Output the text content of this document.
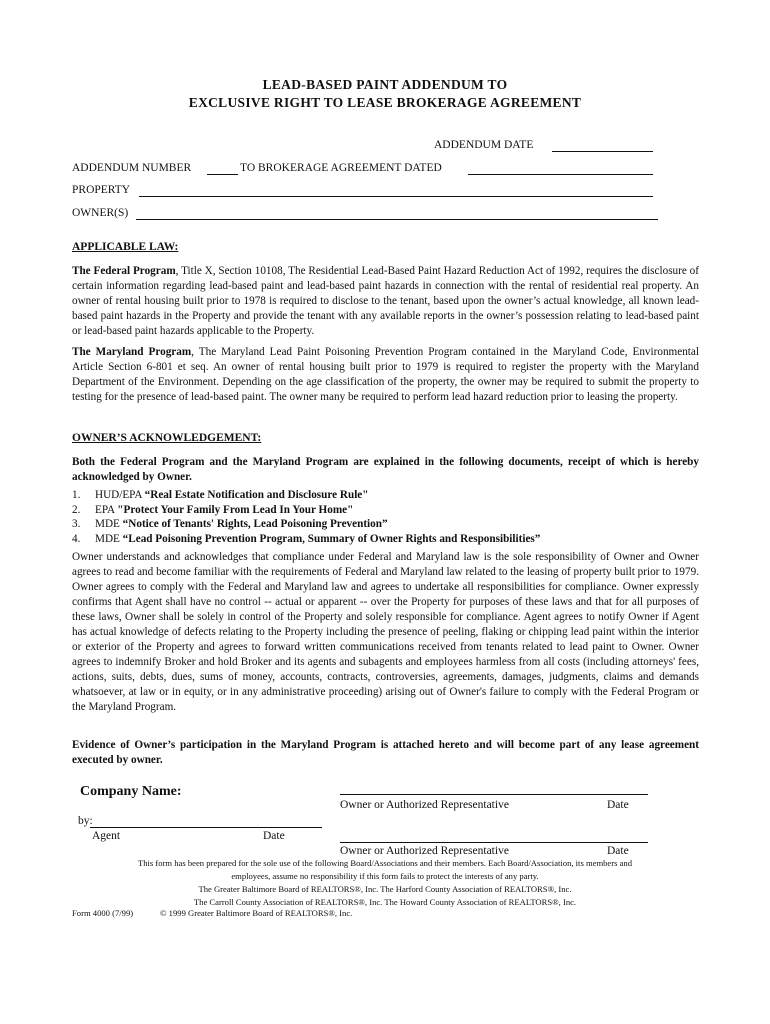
LEAD-BASED PAINT ADDENDUM TO
EXCLUSIVE RIGHT TO LEASE BROKERAGE AGREEMENT
ADDENDUM DATE
ADDENDUM NUMBER	TO BROKERAGE AGREEMENT DATED
PROPERTY
OWNER(S)
APPLICABLE LAW:
The Federal Program, Title X, Section 10108, The Residential Lead-Based Paint Hazard Reduction Act of 1992, requires the disclosure of certain information regarding lead-based paint and lead-based paint hazards in connection with the rental of residential real property. An owner of rental housing built prior to 1978 is required to disclose to the tenant, based upon the owner’s actual knowledge, all known lead-based paint hazards in the Property and provide the tenant with any available reports in the owner’s possession relating to lead-based paint or lead-based paint hazards applicable to the Property.
The Maryland Program, The Maryland Lead Paint Poisoning Prevention Program contained in the Maryland Code, Environmental Article Section 6-801 et seq. An owner of rental housing built prior to 1979 is required to register the property with the Maryland Department of the Environment. Depending on the age classification of the property, the owner may be required to submit the property to testing for the presence of lead-based paint. The owner many be required to perform lead hazard reduction prior to leasing the property.
OWNER’S ACKNOWLEDGEMENT:
Both the Federal Program and the Maryland Program are explained in the following documents, receipt of which is hereby acknowledged by Owner.
1. HUD/EPA “Real Estate Notification and Disclosure Rule"
2. EPA "Protect Your Family From Lead In Your Home"
3. MDE “Notice of Tenants' Rights, Lead Poisoning Prevention”
4. MDE “Lead Poisoning Prevention Program, Summary of Owner Rights and Responsibilities”
Owner understands and acknowledges that compliance under Federal and Maryland law is the sole responsibility of Owner and Owner agrees to read and become familiar with the requirements of Federal and Maryland law related to the leasing of property built prior to 1979. Owner agrees to comply with the Federal and Maryland law and agrees to undertake all responsibilities for compliance. Owner expressly confirms that Agent shall have no control -- actual or apparent -- over the Property for purposes of these laws and that for all purposes of these laws, Owner shall be solely in control of the Property and solely responsible for compliance. Agent agrees to notify Owner if Agent has actual knowledge of defects relating to the Property including the presence of peeling, flaking or chipping lead paint within the interior or exterior of the Property and agrees to forward written communications received from tenants related to lead paint to Owner. Owner agrees to indemnify Broker and hold Broker and its agents and subagents and employees harmless from all costs (including attorneys' fees, actions, suits, debts, dues, sums of money, accounts, contracts, controversies, agreements, damages, judgments, claims and demands whatsoever, at law or in equity, or in any administrative proceeding) arising out of Owner's failure to comply with the Federal Program or the Maryland Program.
Evidence of Owner’s participation in the Maryland Program is attached hereto and will become part of any lease agreement executed by owner.
Company Name:
Owner or Authorized Representative	Date
by:
Agent	Date
Owner or Authorized Representative	Date
This form has been prepared for the sole use of the following Board/Associations and their members. Each Board/Association, its members and
employees, assume no responsibility if this form fails to protect the interests of any party.
The Greater Baltimore Board of REALTORS®, Inc. The Harford County Association of REALTORS®, Inc.
The Carroll County Association of REALTORS®, Inc. The Howard County Association of REALTORS®, Inc.
Form 4000 (7/99)	© 1999 Greater Baltimore Board of REALTORS®, Inc.
